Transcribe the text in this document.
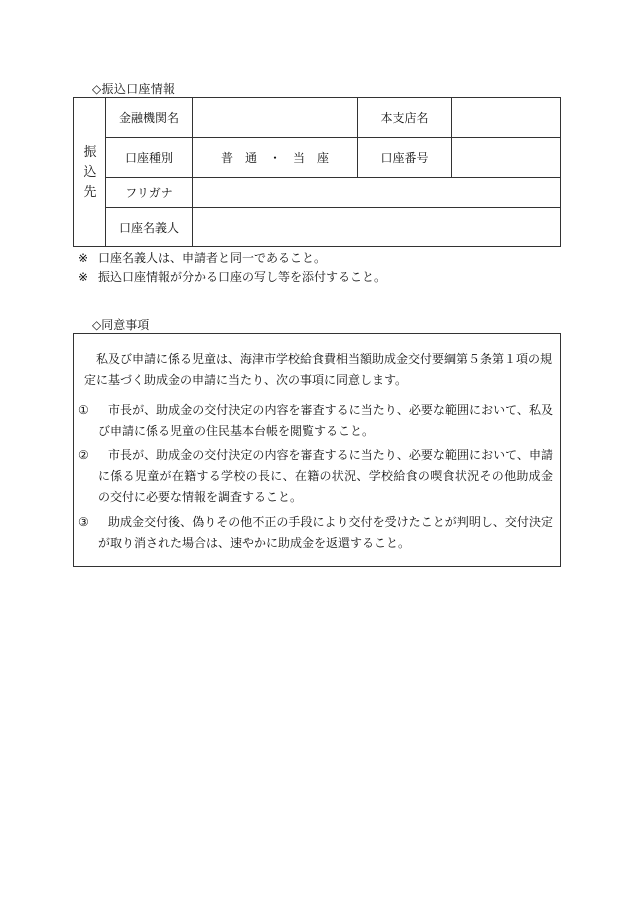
◇振込口座情報
振
込
先
金融機関名	本支店名
口座種別	普　通　・　当　座	口座番号
フリガナ
口座名義人
※ 口座名義人は、申請者と同一であること。
※ 振込口座情報が分かる口座の写し等を添付すること。
◇同意事項
私及び申請に係る児童は、海津市学校給食費相当額助成金交付要綱第５条第１項の規定に基づく助成金の申請に当たり、次の事項に同意します。
①	市長が、助成金の交付決定の内容を審査するに当たり、必要な範囲において、私及び申請に係る児童の住民基本台帳を閲覧すること。
②	市長が、助成金の交付決定の内容を審査するに当たり、必要な範囲において、申請に係る児童が在籍する学校の長に、在籍の状況、学校給食の喫食状況その他助成金の交付に必要な情報を調査すること。
③	助成金交付後、偽りその他不正の手段により交付を受けたことが判明し、交付決定が取り消された場合は、速やかに助成金を返還すること。
